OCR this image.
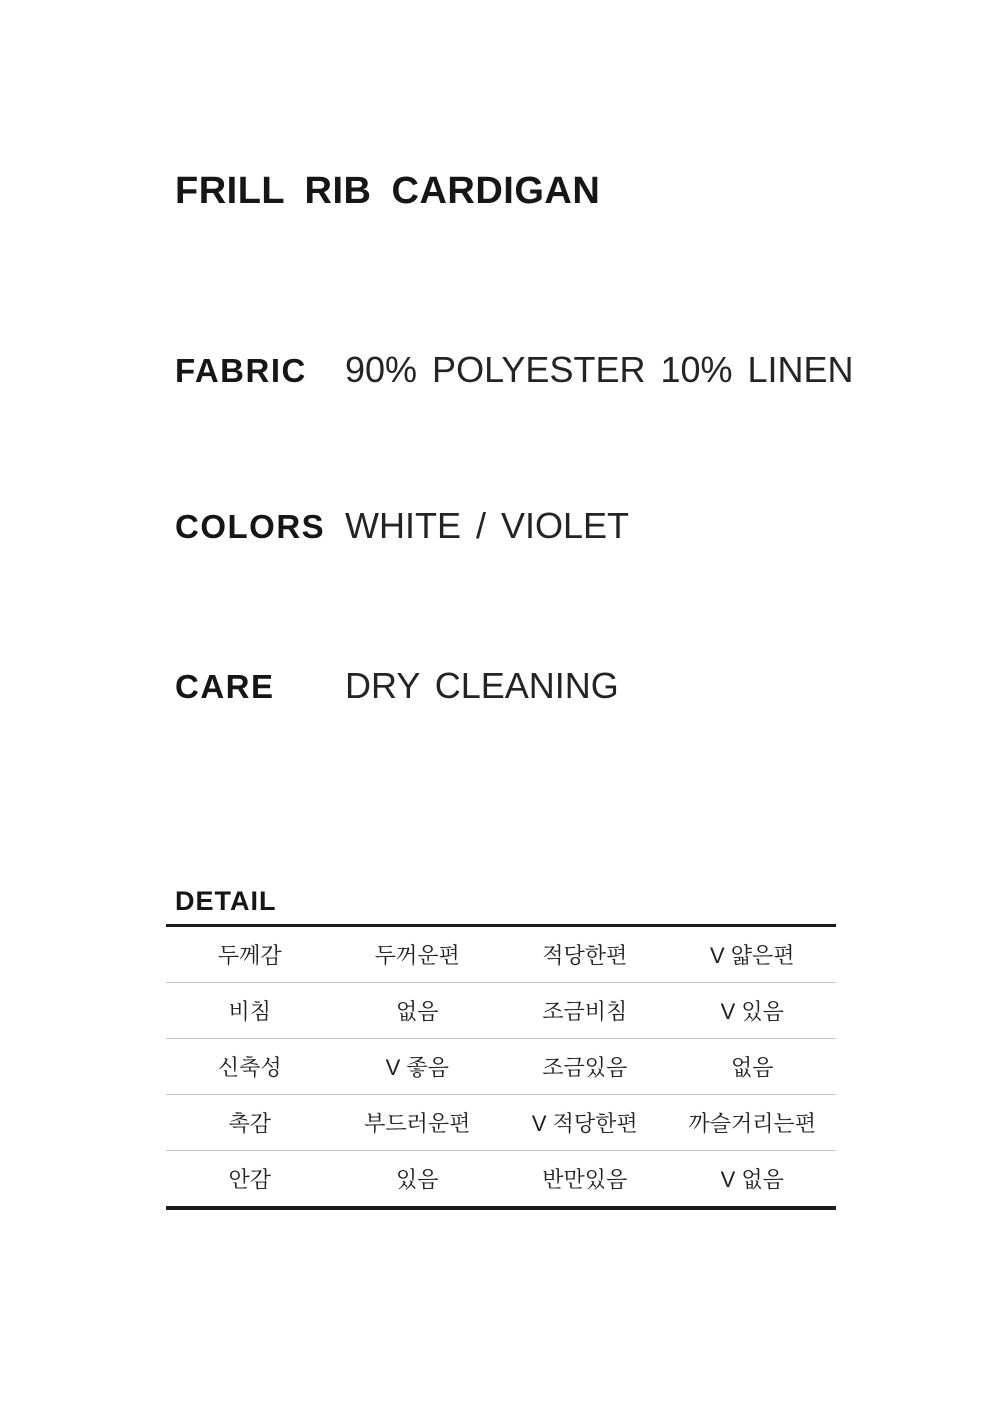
FRILL RIB CARDIGAN
FABRIC	90% POLYESTER 10% LINEN
COLORS WHITE / VIOLET
CARE	DRY CLEANING
DETAIL
두께감	두꺼운편	적당한편	V 얇은편
비침	없음	조금비침	V 있음
신축성	V 좋음	조금있음	없음
촉감	부드러운편	V 적당한편	까슬거리는편
안감	있음	반만있음	V 없음
